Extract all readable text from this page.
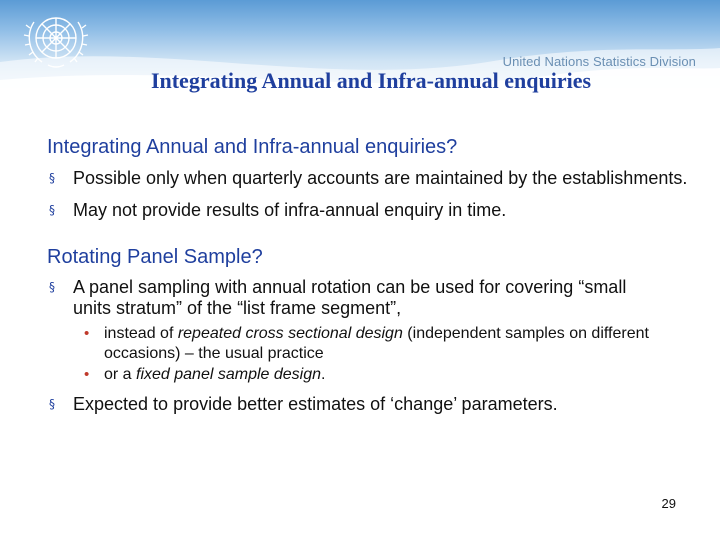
United Nations Statistics Division
Integrating Annual and Infra-annual enquiries
Integrating Annual and Infra-annual enquiries?
§ Possible only when quarterly accounts are maintained by the establishments.
§ May not provide results of infra-annual enquiry in time.
Rotating Panel Sample?
§ A panel sampling with annual rotation can be used for covering “small units stratum” of the “list frame segment”,
• instead of repeated cross sectional design (independent samples on different occasions) – the usual practice
• or a fixed panel sample design.
§ Expected to provide better estimates of ‘change’ parameters.
29
